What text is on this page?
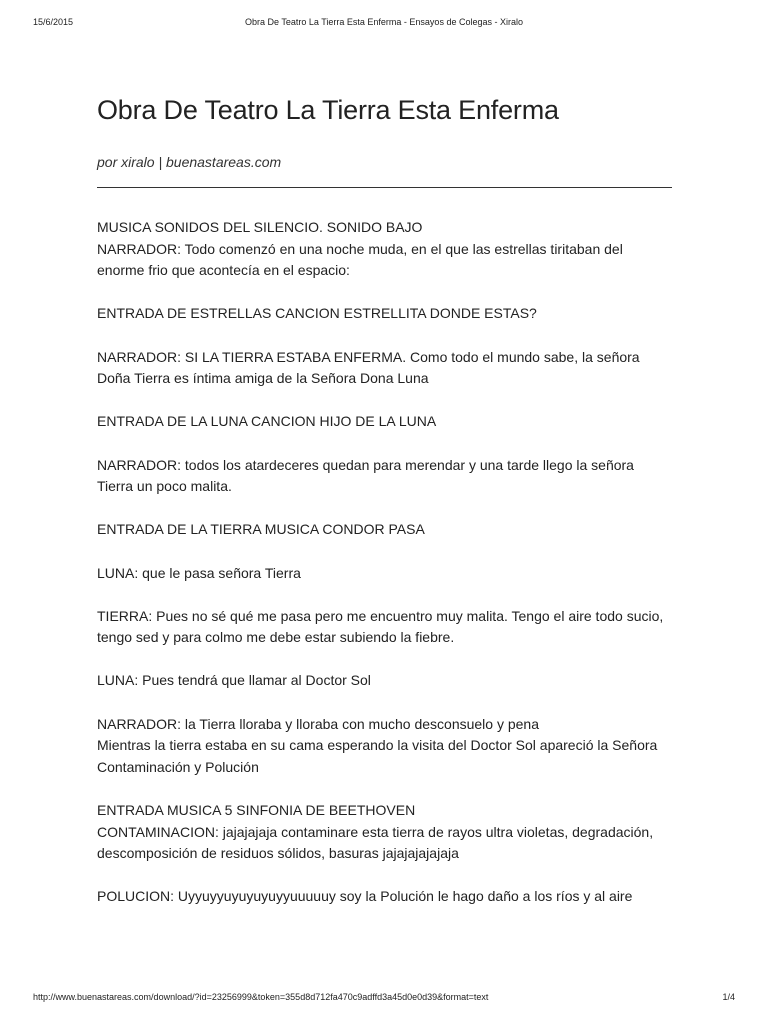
15/6/2015	Obra De Teatro La Tierra Esta Enferma - Ensayos de Colegas - Xiralo
Obra De Teatro La Tierra Esta Enferma
por xiralo | buenastareas.com

MUSICA SONIDOS DEL SILENCIO. SONIDO BAJO
NARRADOR: Todo comenzó en una noche muda, en el que las estrellas tiritaban del enorme frio que acontecía en el espacio:

ENTRADA DE ESTRELLAS CANCION ESTRELLITA DONDE ESTAS?

NARRADOR: SI LA TIERRA ESTABA ENFERMA. Como todo el mundo sabe, la señora Doña Tierra es íntima amiga de la Señora Dona Luna

ENTRADA DE LA LUNA CANCION HIJO DE LA LUNA

NARRADOR: todos los atardeceres quedan para merendar y una tarde llego la señora Tierra un poco malita.

ENTRADA DE LA TIERRA MUSICA CONDOR PASA

LUNA: que le pasa señora Tierra

TIERRA: Pues no sé qué me pasa pero me encuentro muy malita. Tengo el aire todo sucio, tengo sed y para colmo me debe estar subiendo la fiebre.

LUNA: Pues tendrá que llamar al Doctor Sol

NARRADOR: la Tierra lloraba y lloraba con mucho desconsuelo y pena
Mientras la tierra estaba en su cama esperando la visita del Doctor Sol apareció la Señora Contaminación y Polución

ENTRADA MUSICA 5 SINFONIA DE BEETHOVEN
CONTAMINACION: jajajajaja contaminare esta tierra de rayos ultra violetas, degradación, descomposición de residuos sólidos, basuras jajajajajajaja

POLUCION: Uyyuyyuyuyuyuyyuuuuuy soy la Polución le hago daño a los ríos y al aire

http://www.buenastareas.com/download/?id=23256999&token=355d8d712fa470c9adffd3a45d0e0d39&format=text	1/4
